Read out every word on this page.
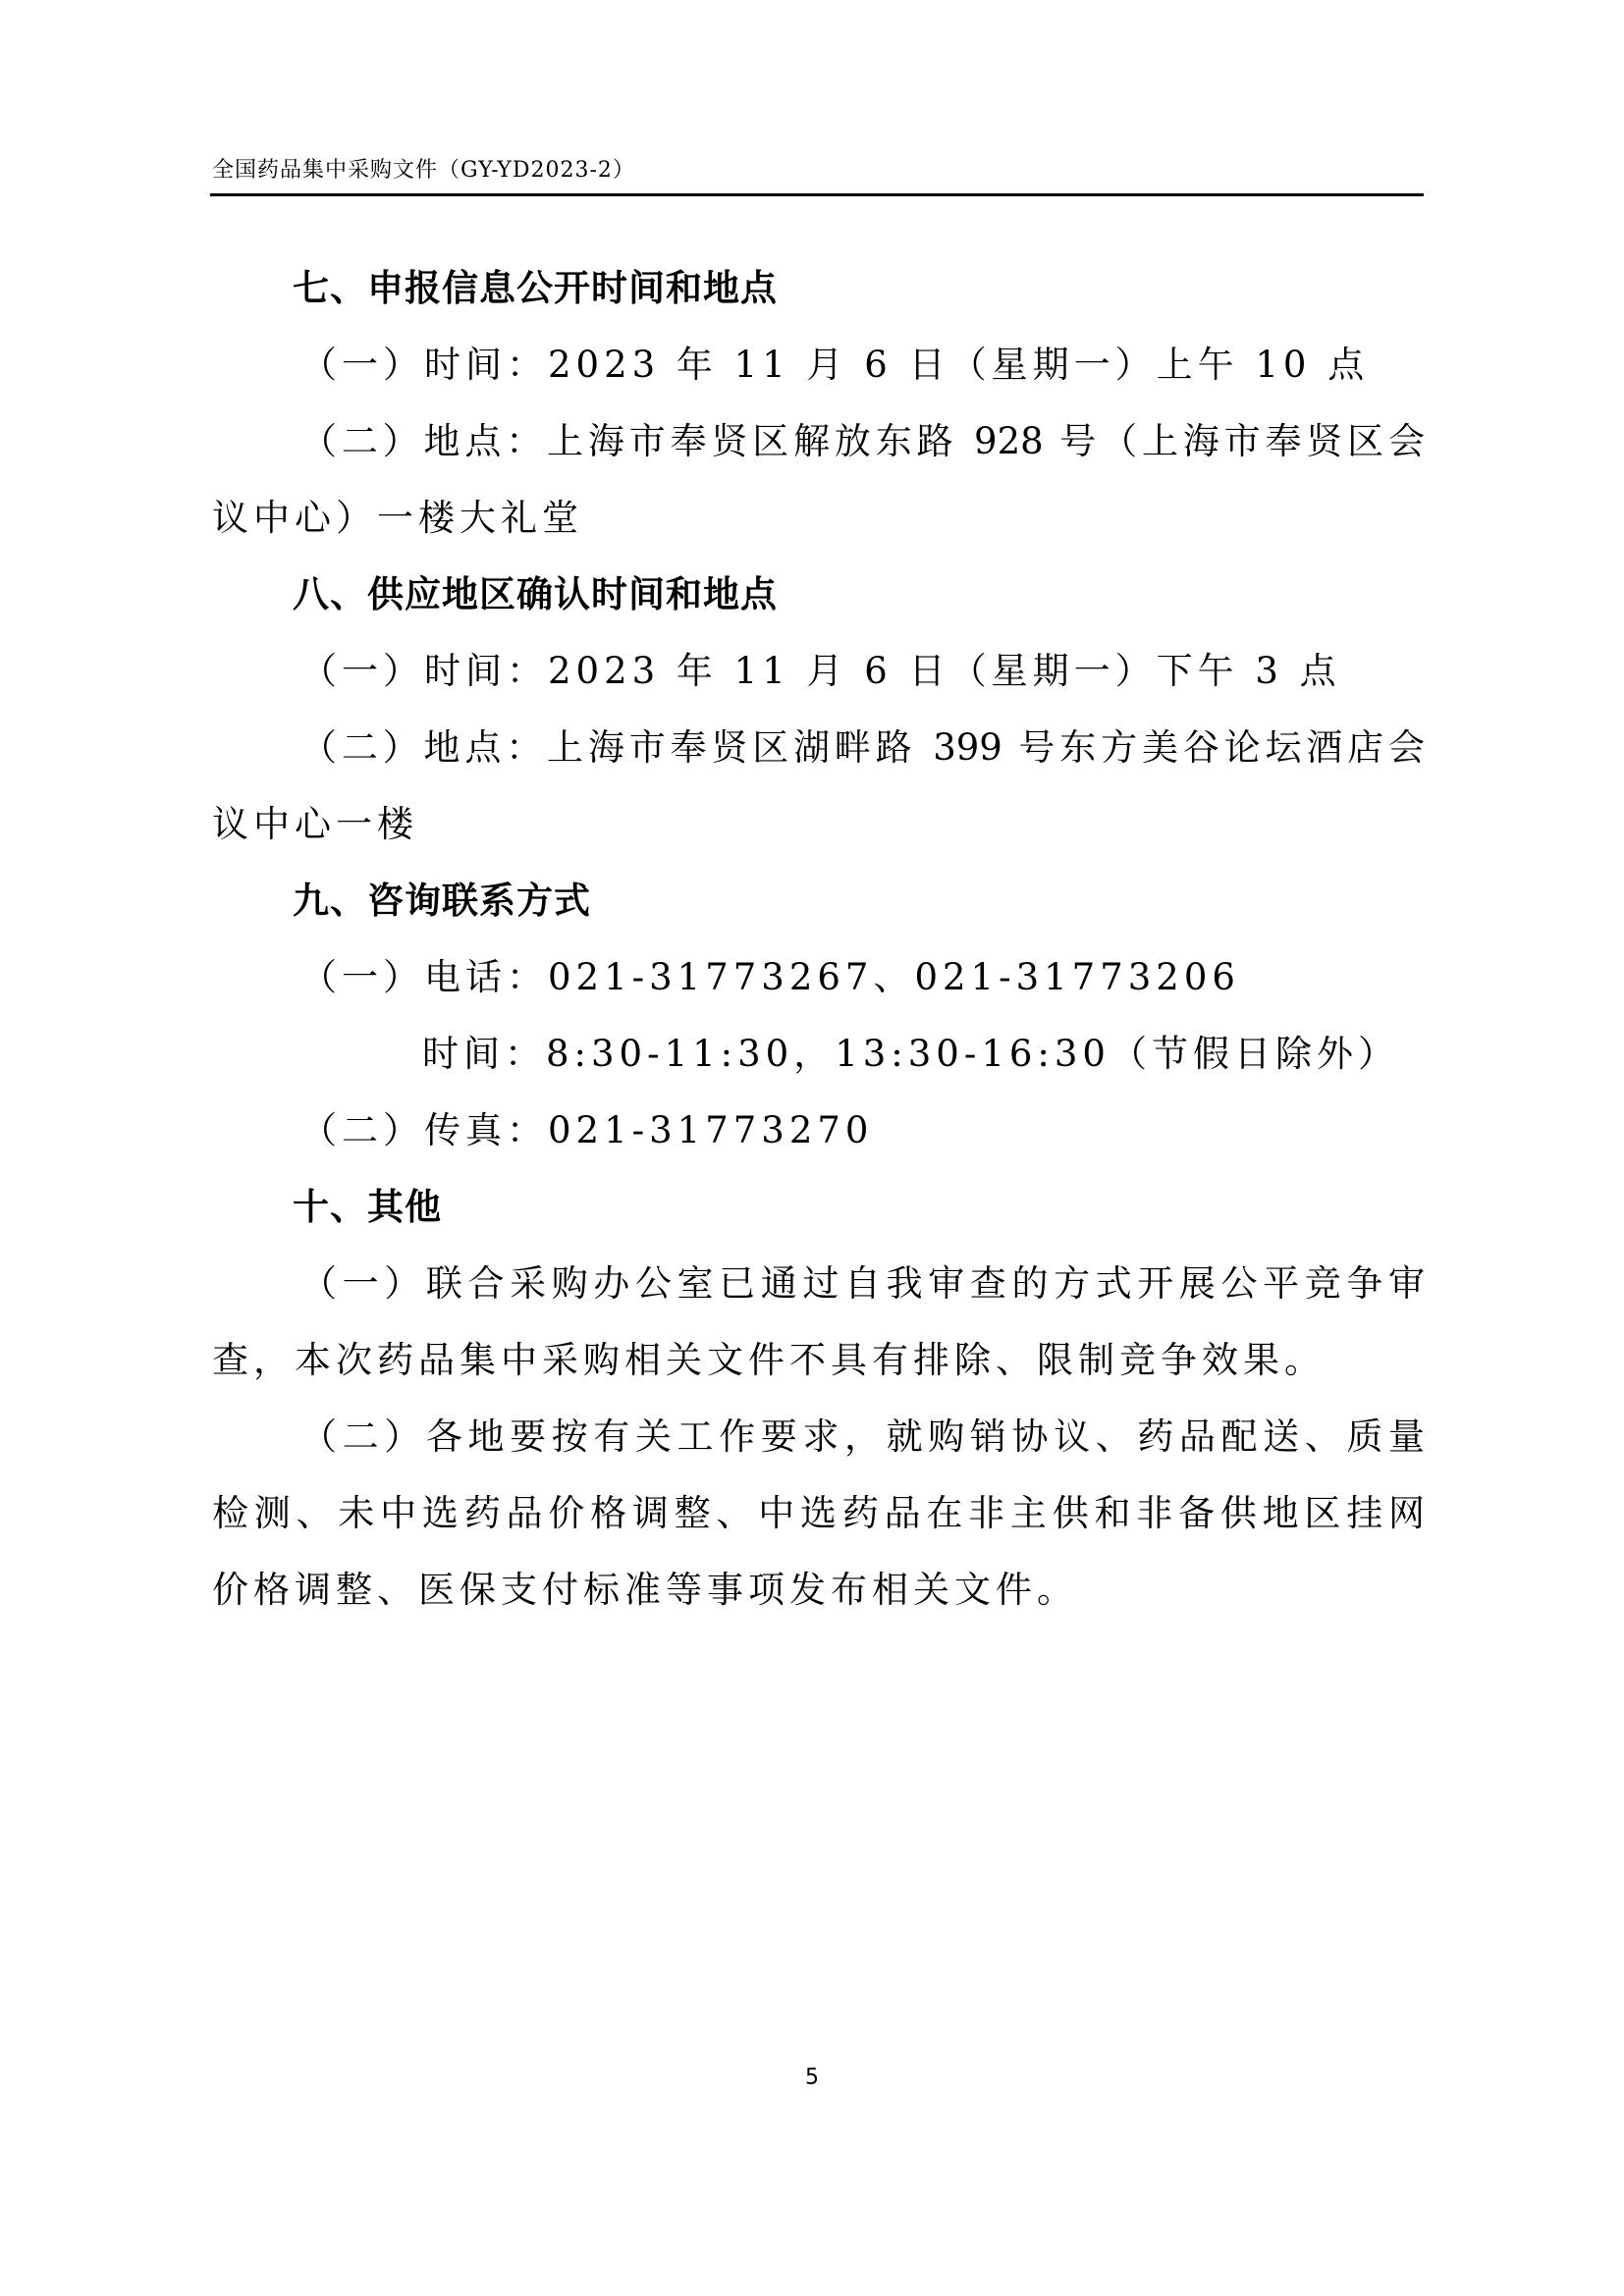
全国药品集中采购文件（GY-YD2023-2）
七、申报信息公开时间和地点
（一）时间：2023 年 11 月 6 日（星期一）上午 10 点
（二）地点：上海市奉贤区解放东路 928 号（上海市奉贤区会
议中心）一楼大礼堂
八、供应地区确认时间和地点
（一）时间：2023 年 11 月 6 日（星期一）下午 3 点
（二）地点：上海市奉贤区湖畔路 399 号东方美谷论坛酒店会
议中心一楼
九、咨询联系方式
（一）电话：021-31773267、021-31773206
时间：8:30-11:30，13:30-16:30（节假日除外）
（二）传真：021-31773270
十、其他
（一）联合采购办公室已通过自我审查的方式开展公平竞争审
查，本次药品集中采购相关文件不具有排除、限制竞争效果。
（二）各地要按有关工作要求，就购销协议、药品配送、质量
检测、未中选药品价格调整、中选药品在非主供和非备供地区挂网
价格调整、医保支付标准等事项发布相关文件。
5
